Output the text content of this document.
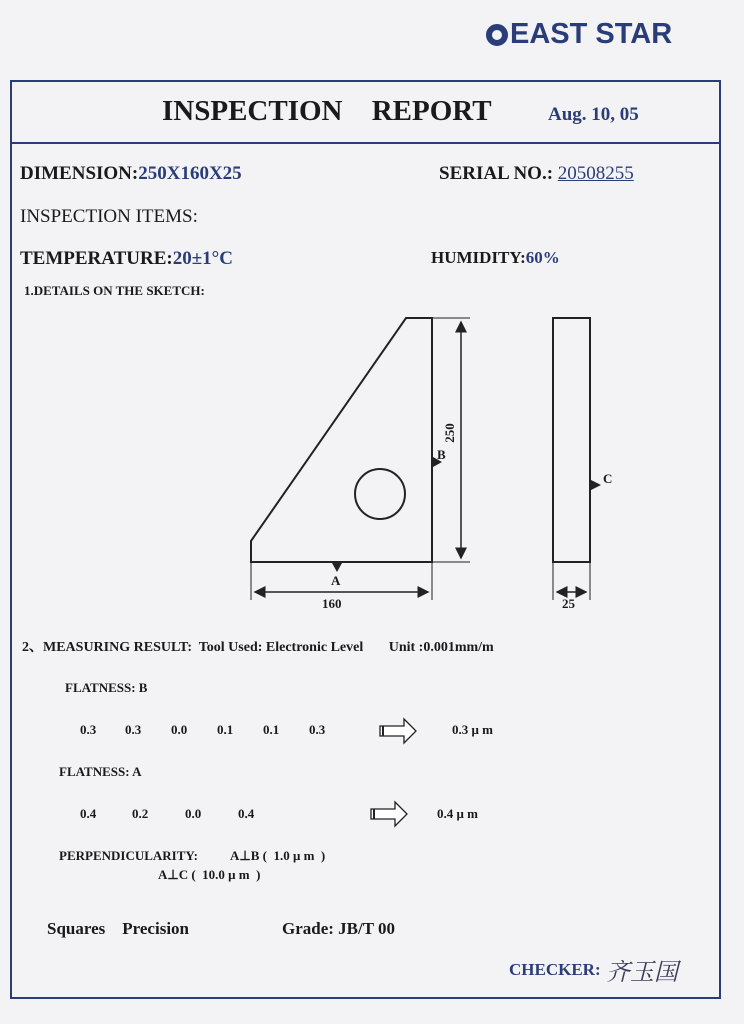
EAST STAR
INSPECTION REPORT	Aug. 10, 05
DIMENSION:250X160X25	SERIAL NO.: 20508255
INSPECTION ITEMS:
TEMPERATURE:20±1°C	HUMIDITY:60%
1.DETAILS ON THE SKETCH:
A
B
C
160	25
250
2、MEASURING RESULT: Tool Used: Electronic Level Unit :0.001mm/m
FLATNESS: B
0.3 0.3 0.0 0.1 0.1 0.3	0.3 μ m
FLATNESS: A
0.4	0.2	0.0	0.4	0.4 μ m
PERPENDICULARITY: A⊥B (  1.0 μ m  )
A⊥C (  10.0 μ m  )
Squares    Precision	Grade: JB/T 00
CHECKER: 齐玉国
